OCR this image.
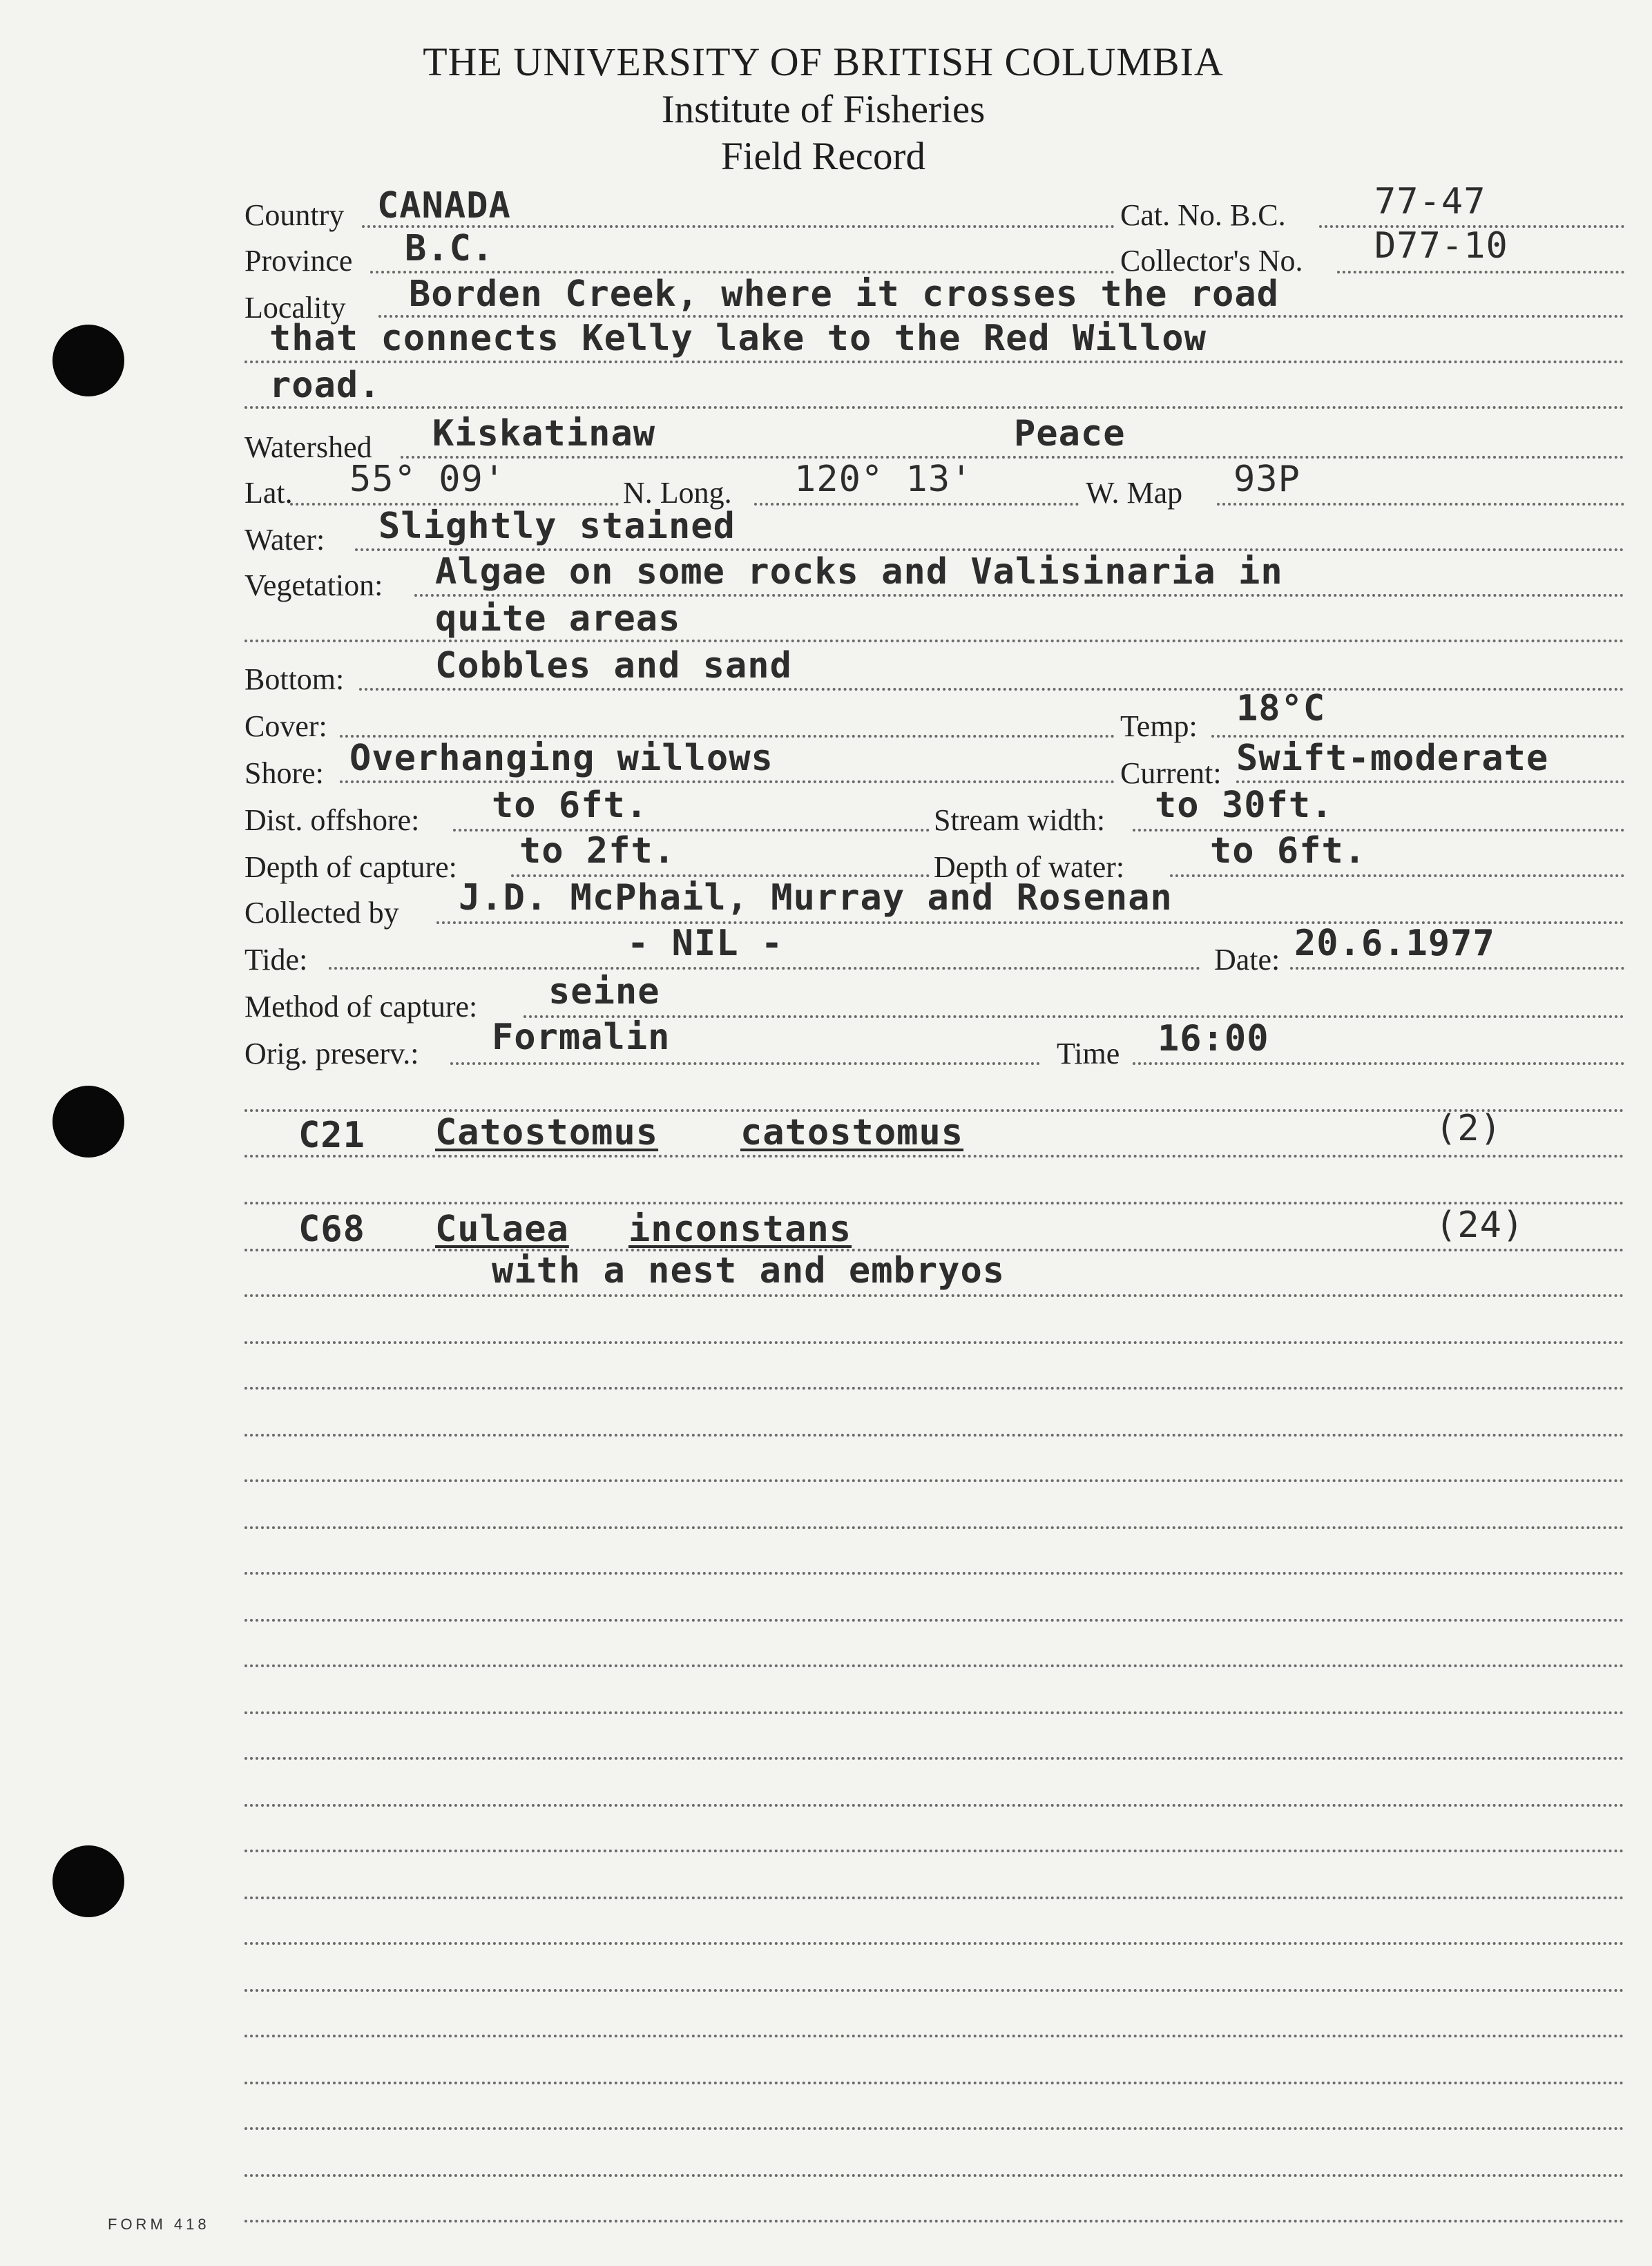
THE UNIVERSITY OF BRITISH COLUMBIA
Institute of Fisheries
Field Record
Country CANADA	Cat. No. B.C. 77-47
Province B.C.	Collector's No. D77-10
Locality Borden Creek, where it crosses the road
that connects Kelly lake to the Red Willow
road.
Watershed Kiskatinaw	Peace
Lat. 55° 09'	N. Long. 120° 13'	W. Map 93P
Water: Slightly stained
Vegetation: Algae on some rocks and Valisinaria in
quite areas
Bottom:	Cobbles and sand
Cover:	Temp: 18°C
Shore: Overhanging willows	Current: Swift-moderate
Dist. offshore: to 6ft.	Stream width: to 30ft.
Depth of capture: to 2ft.	Depth of water: to 6ft.
Collected by J.D. McPhail, Murray and Rosenan
Tide:	- NIL -	Date: 20.6.1977
Method of capture: seine
Orig. preserv.: Formalin	Time 16:00
C21 Catostomus catostomus	(2)
C68 Culaea inconstans	(24)
with a nest and embryos
FORM 418
